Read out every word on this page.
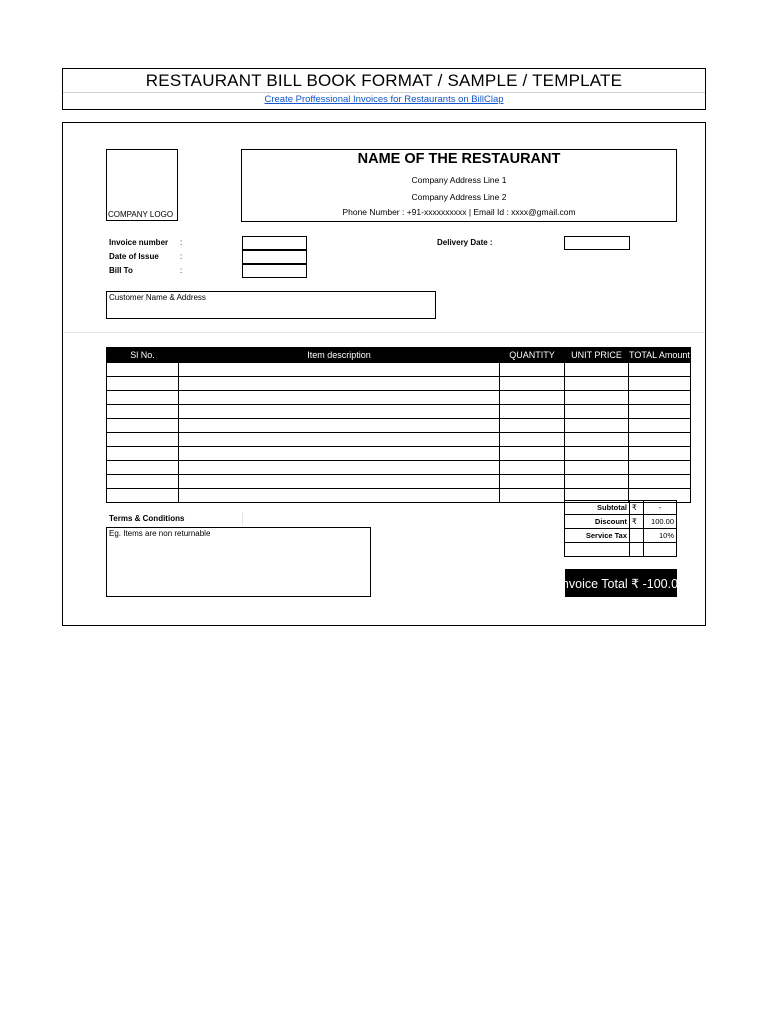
RESTAURANT BILL BOOK FORMAT / SAMPLE / TEMPLATE
Create Proffessional Invoices for Restaurants on BillClap
COMPANY LOGO
NAME OF THE RESTAURANT
Company Address Line 1
Company Address Line 2
Phone Number : +91-xxxxxxxxxx | Email Id : xxxx@gmail.com
Invoice number :
Date of Issue	:
Bill To	:
Delivery Date :
Customer Name & Address
Sl No.	Item description	QUANTITY	UNIT PRICE	TOTAL Amount

Subtotal	₹	-
Discount	₹	100.00
Service Tax		10%

Terms & Conditions
Eg. Items are non returnable
Invoice Total ₹ -100.00
